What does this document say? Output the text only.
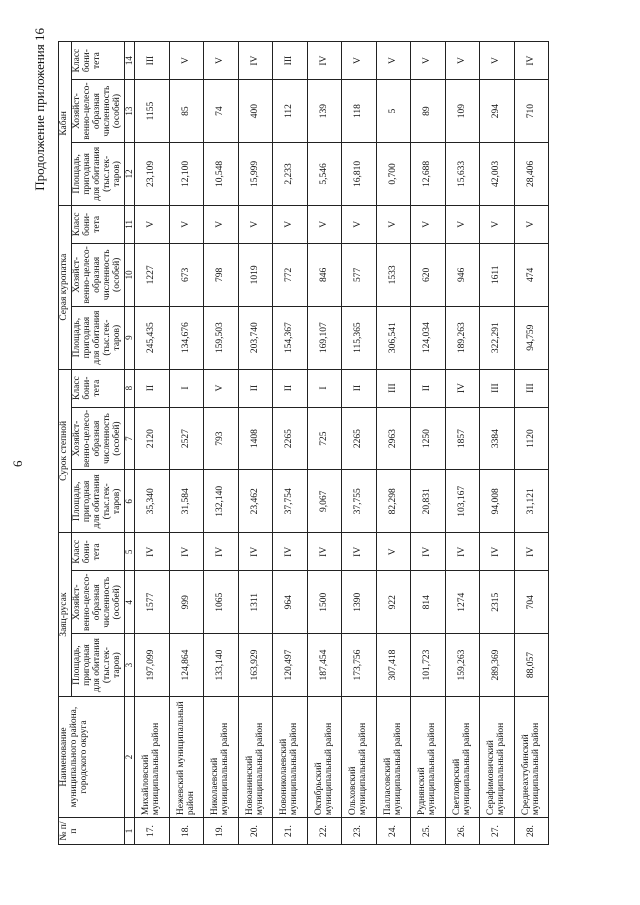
6
Продолжение приложения 16
№ п/п	Наименование муниципального района, городского округа	Заяц-русак			Сурок степной			Серая куропатка			Кабан		
		Площадь, пригодная для обитания (тыс.гектаров)	Хозяйственно-целесообразная численность (особей)	Класс бонитета	Площадь, пригодная для обитания (тыс.гектаров)	Хозяйственно-целесообразная численность (особей)	Класс бонитета	Площадь, пригодная для обитания (тыс.гектаров)	Хозяйственно-целесообразная численность (особей)	Класс бонитета	Площадь, пригодная для обитания (тыс.гектаров)	Хозяйственно-целесообразная численность (особей)	Класс бонитета
1	2	3	4	5	6	7	8	9	10	11	12	13	14
17.	Михайловский муниципальный район	197,099	1577	IV	35,340	2120	II	245,435	1227	V	23,109	1155	III
18.	Нежевский муниципальный район	124,864	999	IV	31,584	2527	I	134,676	673	V	12,100	85	V
19.	Николаевский муниципальный район	133,140	1065	IV	132,140	793	V	159,503	798	V	10,548	74	V
20.	Новоанинский муниципальный район	163,929	1311	IV	23,462	1408	II	203,740	1019	V	15,999	400	IV
21.	Новониколаевский муниципальный район	120,497	964	IV	37,754	2265	II	154,367	772	V	2,233	112	III
22.	Октябрьский муниципальный район	187,454	1500	IV	9,067	725	I	169,107	846	V	5,546	139	IV
23.	Ольховский муниципальный район	173,756	1390	IV	37,755	2265	II	115,365	577	V	16,810	118	V
24.	Палласовский муниципальный район	307,418	922	V	82,298	2963	III	306,541	1533	V	0,700	5	V
25.	Руднянский муниципальный район	101,723	814	IV	20,831	1250	II	124,034	620	V	12,688	89	V
26.	Светлоярский муниципальный район	159,263	1274	IV	103,167	1857	IV	189,263	946	V	15,633	109	V
27.	Серафимовичский муниципальный район	289,369	2315	IV	94,008	3384	III	322,291	1611	V	42,003	294	V
28.	Среднеахтубинский муниципальный район	88,057	704	IV	31,121	1120	III	94,759	474	V	28,406	710	IV
